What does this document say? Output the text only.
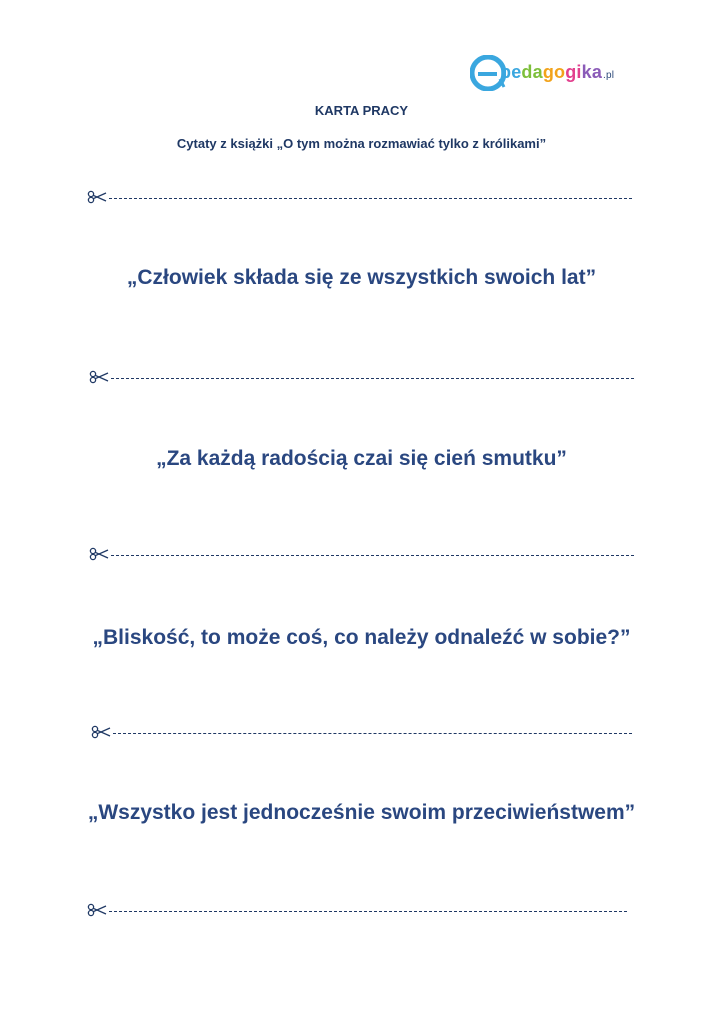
pedagogika.pl
KARTA PRACY
Cytaty z książki „O tym można rozmawiać tylko z królikami”
„Człowiek składa się ze wszystkich swoich lat”
„Za każdą radością czai się cień smutku”
„Bliskość, to może coś, co należy odnaleźć w sobie?”
„Wszystko jest jednocześnie swoim przeciwieństwem”
